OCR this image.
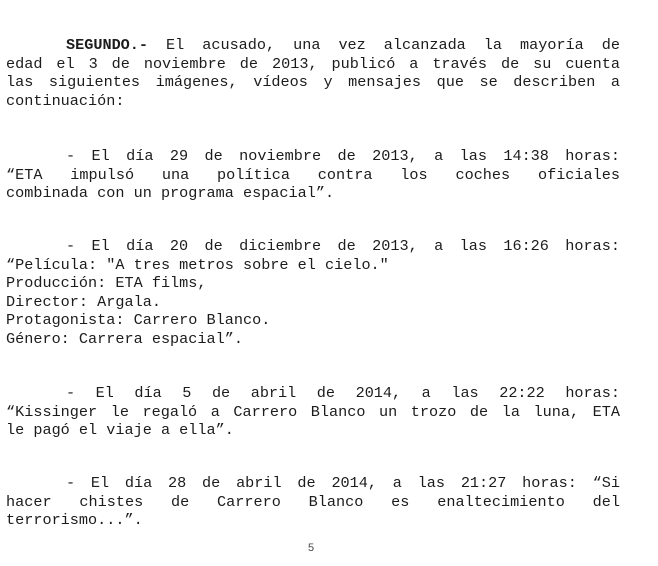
SEGUNDO.- El acusado, una vez alcanzada la mayoría de
edad el 3 de noviembre de 2013, publicó a través de su cuenta
las siguientes imágenes, vídeos y mensajes que se describen a
continuación:
- El día 29 de noviembre de 2013, a las 14:38 horas:
“ETA impulsó una política contra los coches oficiales
combinada con un programa espacial”.
- El día 20 de diciembre de 2013, a las 16:26 horas:
“Película: "A tres metros sobre el cielo."
Producción: ETA films,
Director: Argala.
Protagonista: Carrero Blanco.
Género: Carrera espacial”.
- El día 5 de abril de 2014, a las 22:22 horas:
“Kissinger le regaló a Carrero Blanco un trozo de la luna, ETA
le pagó el viaje a ella”.
- El día 28 de abril de 2014, a las 21:27 horas: “Si
hacer chistes de Carrero Blanco es enaltecimiento del
terrorismo...”.
5
